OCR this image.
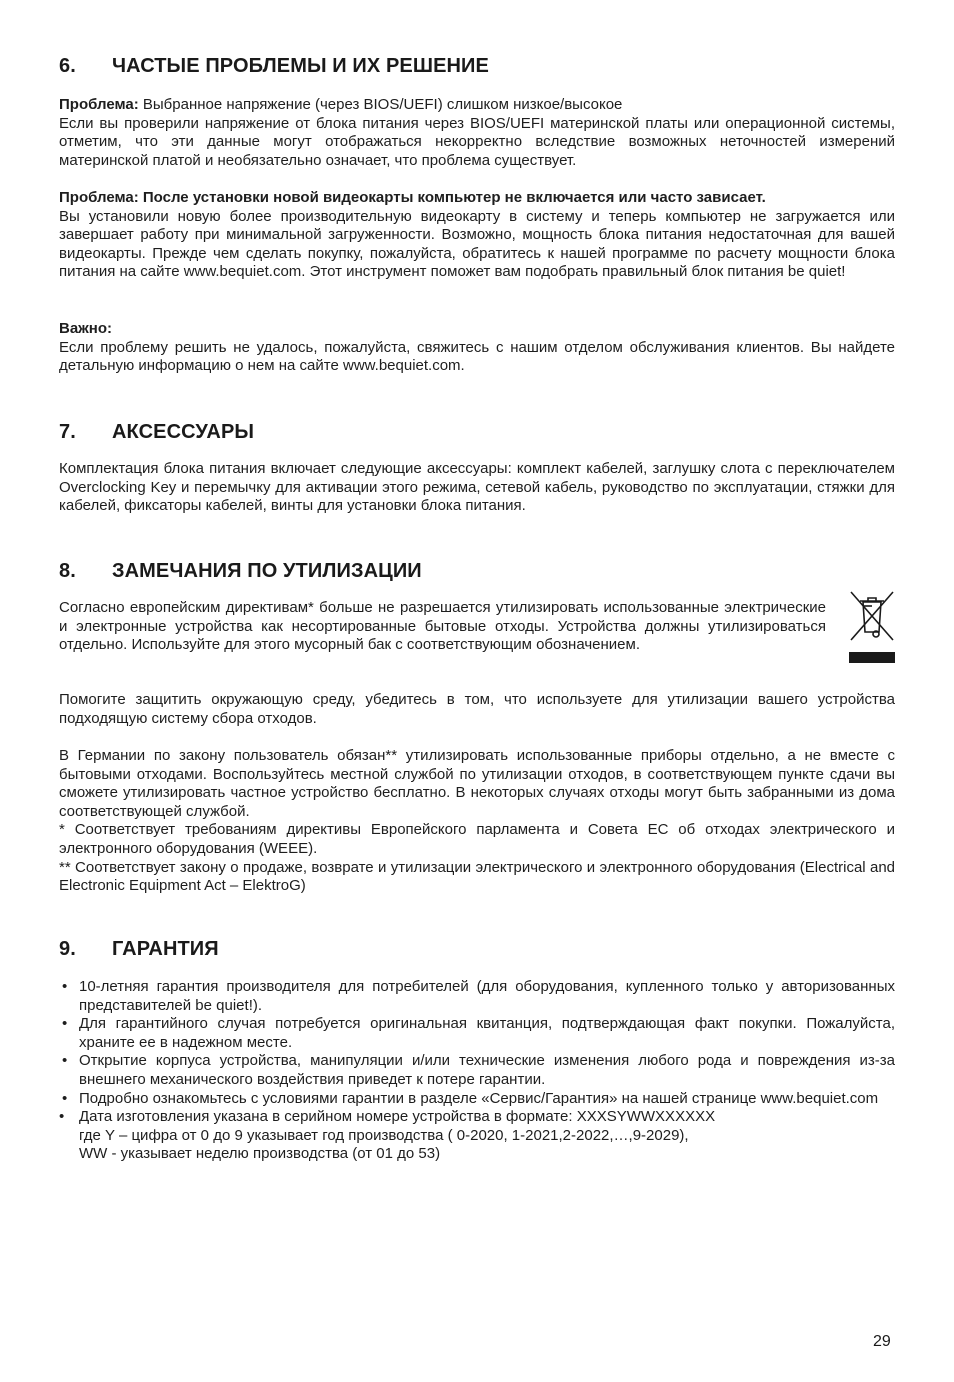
6. ЧАСТЫЕ ПРОБЛЕМЫ И ИХ РЕШЕНИЕ

Проблема: Выбранное напряжение (через BIOS/UEFI) слишком низкое/высокое

Если вы проверили напряжение от блока питания через BIOS/UEFI материнской платы или операционной системы, отметим, что эти данные могут отображаться некорректно вследствие возможных неточностей измерений материнской платой и необязательно означает, что проблема существует.

Проблема: После установки новой видеокарты компьютер не включается или часто зависает.

Вы установили новую более производительную видеокарту в систему и теперь компьютер не загружается или завершает работу при минимальной загруженности. Возможно, мощность блока питания недостаточная для вашей видеокарты. Прежде чем сделать покупку, пожалуйста, обратитесь к нашей программе по расчету мощности блока питания на сайте www.bequiet.com. Этот инструмент поможет вам подобрать правильный блок питания be quiet!

Важно:

Если проблему решить не удалось, пожалуйста, свяжитесь с нашим отделом обслуживания клиентов. Вы найдете детальную информацию о нем на сайте www.bequiet.com.

7. АКСЕССУАРЫ

Комплектация блока питания включает следующие аксессуары: комплект кабелей, заглушку слота с переключателем Overclocking Key и перемычку для активации этого режима, сетевой кабель, руководство по эксплуатации, стяжки для кабелей, фиксаторы кабелей, винты для установки блока питания.

8. ЗАМЕЧАНИЯ ПО УТИЛИЗАЦИИ

Согласно европейским директивам* больше не разрешается утилизировать использованные электрические и электронные устройства как несортированные бытовые отходы. Устройства должны утилизироваться отдельно. Используйте для этого мусорный бак с соответствующим обозначением.

Помогите защитить окружающую среду, убедитесь в том, что используете для утилизации вашего устройства подходящую систему сбора отходов.

В Германии по закону пользователь обязан** утилизировать использованные приборы отдельно, а не вместе с бытовыми отходами. Воспользуйтесь местной службой по утилизации отходов, в соответствующем пункте сдачи вы сможете утилизировать частное устройство бесплатно. В некоторых случаях отходы могут быть забранными из дома соответствующей службой.

* Соответствует требованиям директивы Европейского парламента и Совета ЕС об отходах электрического и электронного оборудования (WEEE).

** Соответствует закону о продаже, возврате и утилизации электрического и электронного оборудования (Electrical and Electronic Equipment Act – ElektroG)

9. ГАРАНТИЯ
• 10-летняя гарантия производителя для потребителей (для оборудования, купленного только у авторизованных представителей be quiet!).
• Для гарантийного случая потребуется оригинальная квитанция, подтверждающая факт покупки. Пожалуйста, храните ее в надежном месте.
• Открытие корпуса устройства, манипуляции и/или технические изменения любого рода и повреждения из-за внешнего механического воздействия приведет к потере гарантии.
• Подробно ознакомьтесь с условиями гарантии в разделе «Сервис/Гарантия» на нашей странице www.bequiet.com
• Дата изготовления указана в серийном номере устройства в формате: XXXSYWWXXXXXX
где Y – цифра от 0 до 9 указывает год производства ( 0-2020, 1-2021,2-2022,…,9-2029),
WW - указывает неделю производства (от 01 до 53)
29
